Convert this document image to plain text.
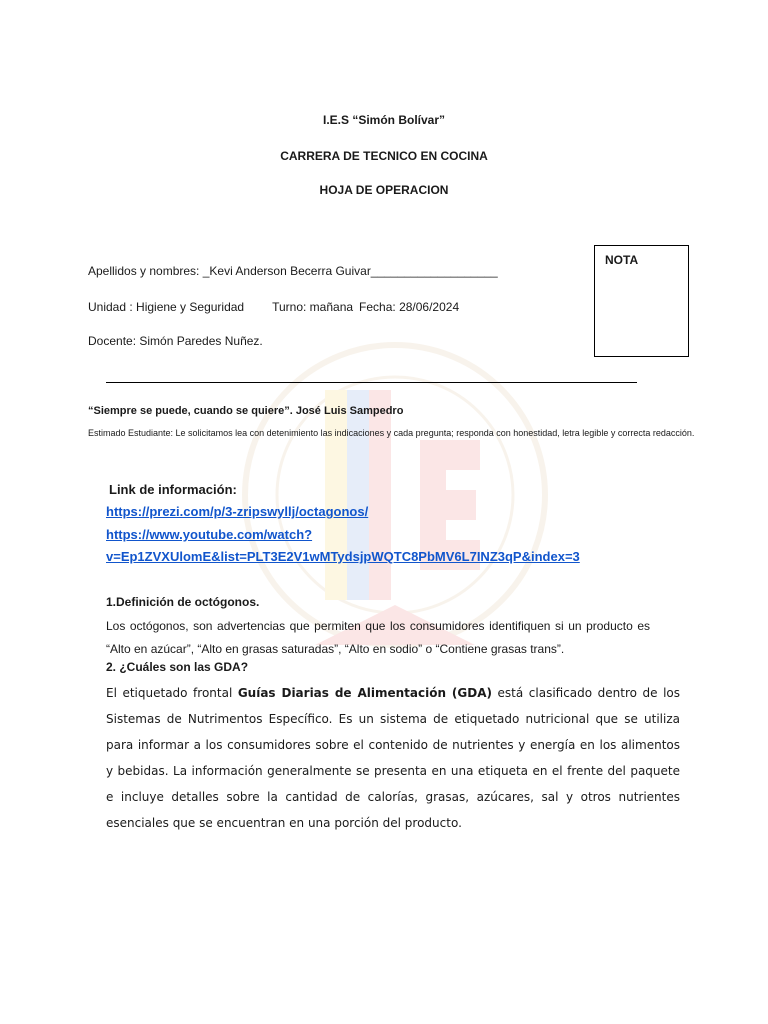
I.E.S “Simón Bolívar”
CARRERA DE TECNICO EN COCINA
HOJA DE OPERACION
Apellidos y nombres: _Kevi Anderson Becerra Guivar___________________
Unidad : Higiene y Seguridad Turno: mañana Fecha: 28/06/2024
Docente: Simón Paredes Nuñez.
NOTA
“Siempre se puede, cuando se quiere”. José Luis Sampedro
Estimado Estudiante: Le solicitamos lea con detenimiento las indicaciones y cada pregunta; responda con honestidad, letra legible y correcta redacción.
Link de información:
https://prezi.com/p/3-zripswyllj/octagonos/
https://www.youtube.com/watch?
v=Ep1ZVXUlomE&list=PLT3E2V1wMTydsjpWQTC8PbMV6L7INZ3qP&index=3
1.Definición de octógonos.
Los octógonos, son advertencias que permiten que los consumidores identifiquen si un producto es “Alto en azúcar”, “Alto en grasas saturadas”, “Alto en sodio” o “Contiene grasas trans”.
2. ¿Cuáles son las GDA?
El etiquetado frontal Guías Diarias de Alimentación (GDA) está clasificado dentro de los Sistemas de Nutrimentos Específico. Es un sistema de etiquetado nutricional que se utiliza para informar a los consumidores sobre el contenido de nutrientes y energía en los alimentos y bebidas. La información generalmente se presenta en una etiqueta en el frente del paquete e incluye detalles sobre la cantidad de calorías, grasas, azúcares, sal y otros nutrientes esenciales que se encuentran en una porción del producto.
